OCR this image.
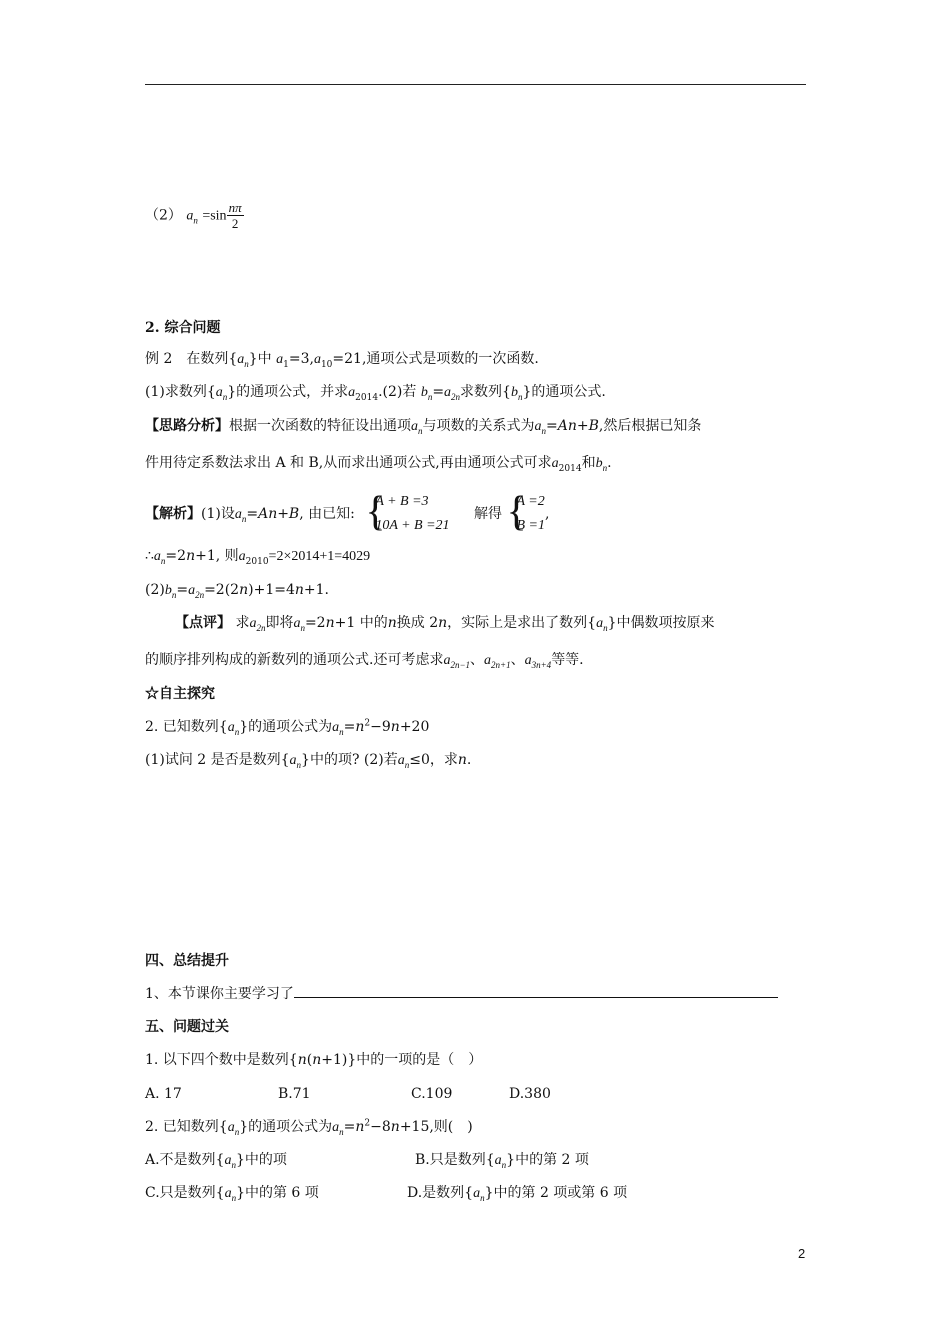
（2） $a_n =\sin \frac{n\pi}{2}$
2. 综合问题
例 2　在数列$\{a_n\}$中 $a_1=3,a_{10}=21$,通项公式是项数的一次函数.
(1)求数列$\{a_n\}$的通项公式，并求$a_{2014}.(2)$若 $b_n=a_{2n}$求数列$\{b_n\}$的通项公式.
【思路分析】根据一次函数的特征设出通项$a_n$与项数的关系式为$a_n=An+B$,然后根据已知条
件用待定系数法求出 A 和 B,从而求出通项公式,再由通项公式可求$a_{2014}$和$b_n$.
【解析】(1)设$a_n=An+B$, 由已知:
{ A + B =3
10A + B =21
解得
{ A =2
B =1
,
$\therefore a_n=2n+1$, 则$a_{2010}=2\times 2014+1=4029$
$(2)b_n=a_{2n}=2(2n)+1=4n+1$.
【点评】 求$a_{2n}$即将$a_n=2n+1$ 中的n换成 2n，实际上是求出了数列$\{a_n\}$中偶数项按原来
的顺序排列构成的新数列的通项公式.还可考虑求$a_{2n-1}$、$a_{2n+1}$、$a_{3n+4}$等等.
☆自主探究
2. 已知数列$\{a_n\}$的通项公式为$a_n=n^2-9n+20$
(1)试问 2 是否是数列$\{a_n\}$中的项? (2)若$a_n\le 0$，求n.
四、总结提升
1、本节课你主要学习了
五、问题过关
1. 以下四个数中是数列{n(n+1)}中的一项的是（　）
A. 17	B.71	C.109	D.380
2. 已知数列$\{a_n\}$的通项公式为$a_n=n^2-8n+15$,则(　)
A.不是数列$\{a_n\}$中的项	B.只是数列$\{a_n\}$中的第 2 项
C.只是数列$\{a_n\}$中的第 6 项	D.是数列$\{a_n\}$中的第 2 项或第 6 项
2
